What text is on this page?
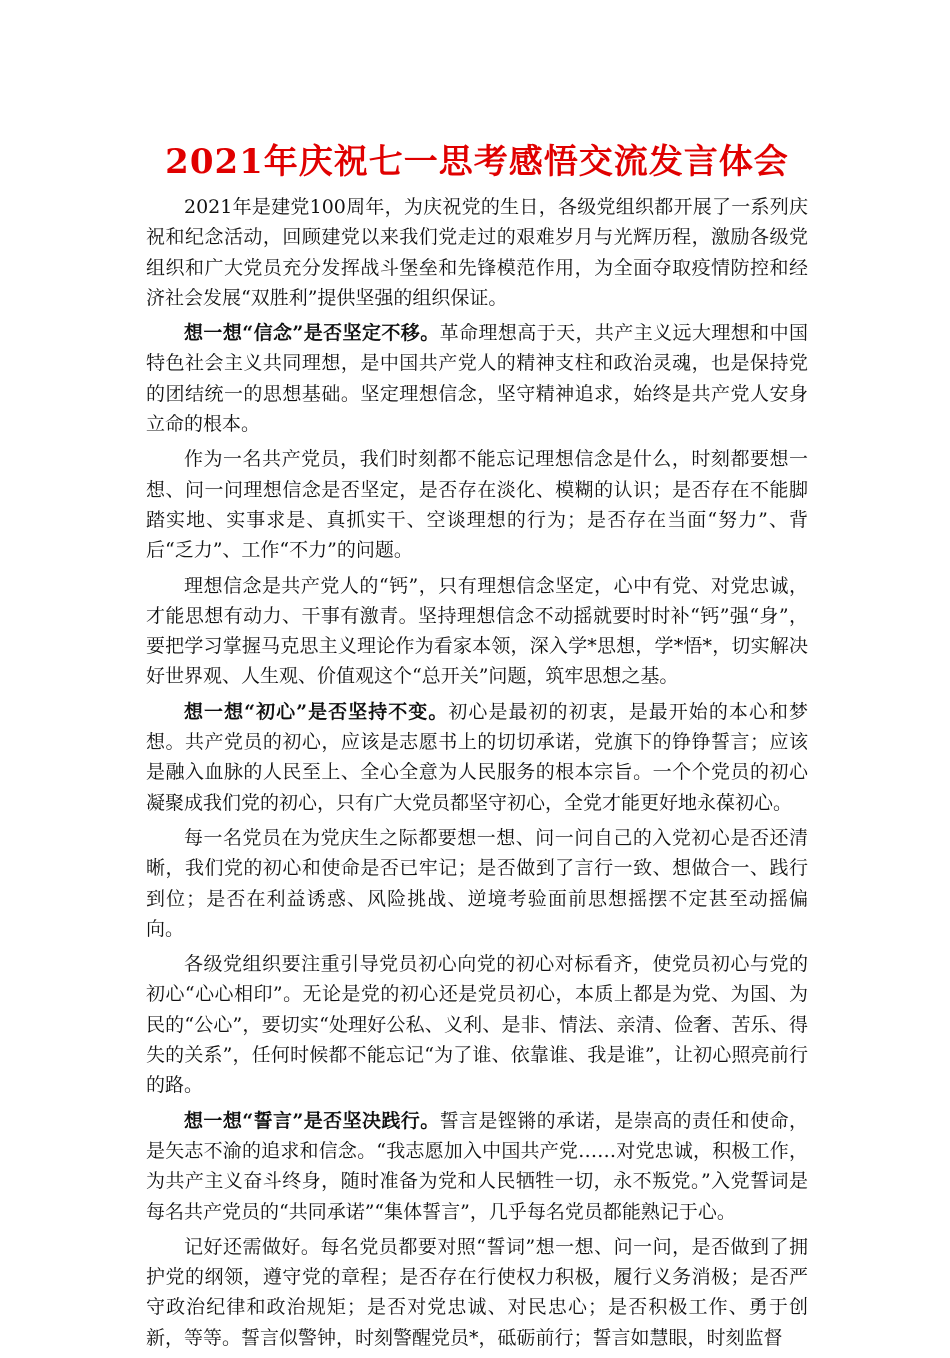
2021年庆祝七一思考感悟交流发言体会

2021年是建党100周年，为庆祝党的生日，各级党组织都开展了一系列庆祝和纪念活动，回顾建党以来我们党走过的艰难岁月与光辉历程，激励各级党组织和广大党员充分发挥战斗堡垒和先锋模范作用，为全面夺取疫情防控和经济社会发展“双胜利”提供坚强的组织保证。

想一想“信念”是否坚定不移。革命理想高于天，共产主义远大理想和中国特色社会主义共同理想，是中国共产党人的精神支柱和政治灵魂，也是保持党的团结统一的思想基础。坚定理想信念，坚守精神追求，始终是共产党人安身立命的根本。

作为一名共产党员，我们时刻都不能忘记理想信念是什么，时刻都要想一想、问一问理想信念是否坚定，是否存在淡化、模糊的认识；是否存在不能脚踏实地、实事求是、真抓实干、空谈理想的行为；是否存在当面“努力”、背后“乏力”、工作“不力”的问题。

理想信念是共产党人的“钙”，只有理想信念坚定，心中有党、对党忠诚，才能思想有动力、干事有激青。坚持理想信念不动摇就要时时补“钙”强“身”，要把学习掌握马克思主义理论作为看家本领，深入学*思想，学*悟*，切实解决好世界观、人生观、价值观这个“总开关”问题，筑牢思想之基。

想一想“初心”是否坚持不变。初心是最初的初衷，是最开始的本心和梦想。共产党员的初心，应该是志愿书上的切切承诺，党旗下的铮铮誓言；应该是融入血脉的人民至上、全心全意为人民服务的根本宗旨。一个个党员的初心凝聚成我们党的初心，只有广大党员都坚守初心，全党才能更好地永葆初心。

每一名党员在为党庆生之际都要想一想、问一问自己的入党初心是否还清晰，我们党的初心和使命是否已牢记；是否做到了言行一致、想做合一、践行到位；是否在利益诱惑、风险挑战、逆境考验面前思想摇摆不定甚至动摇偏向。

各级党组织要注重引导党员初心向党的初心对标看齐，使党员初心与党的初心“心心相印”。无论是党的初心还是党员初心，本质上都是为党、为国、为民的“公心”，要切实“处理好公私、义利、是非、情法、亲清、俭奢、苦乐、得失的关系”，任何时候都不能忘记“为了谁、依靠谁、我是谁”，让初心照亮前行的路。

想一想“誓言”是否坚决践行。誓言是铿锵的承诺，是崇高的责任和使命，是矢志不渝的追求和信念。“我志愿加入中国共产党……对党忠诚，积极工作，为共产主义奋斗终身，随时准备为党和人民牺牲一切，永不叛党。”入党誓词是每名共产党员的“共同承诺”“集体誓言”，几乎每名党员都能熟记于心。

记好还需做好。每名党员都要对照“誓词”想一想、问一问，是否做到了拥护党的纲领，遵守党的章程；是否存在行使权力积极，履行义务消极；是否严守政治纪律和政治规矩；是否对党忠诚、对民忠心；是否积极工作、勇于创新，等等。誓言似警钟，时刻警醒党员*，砥砺前行；誓言如慧眼，时刻监督
